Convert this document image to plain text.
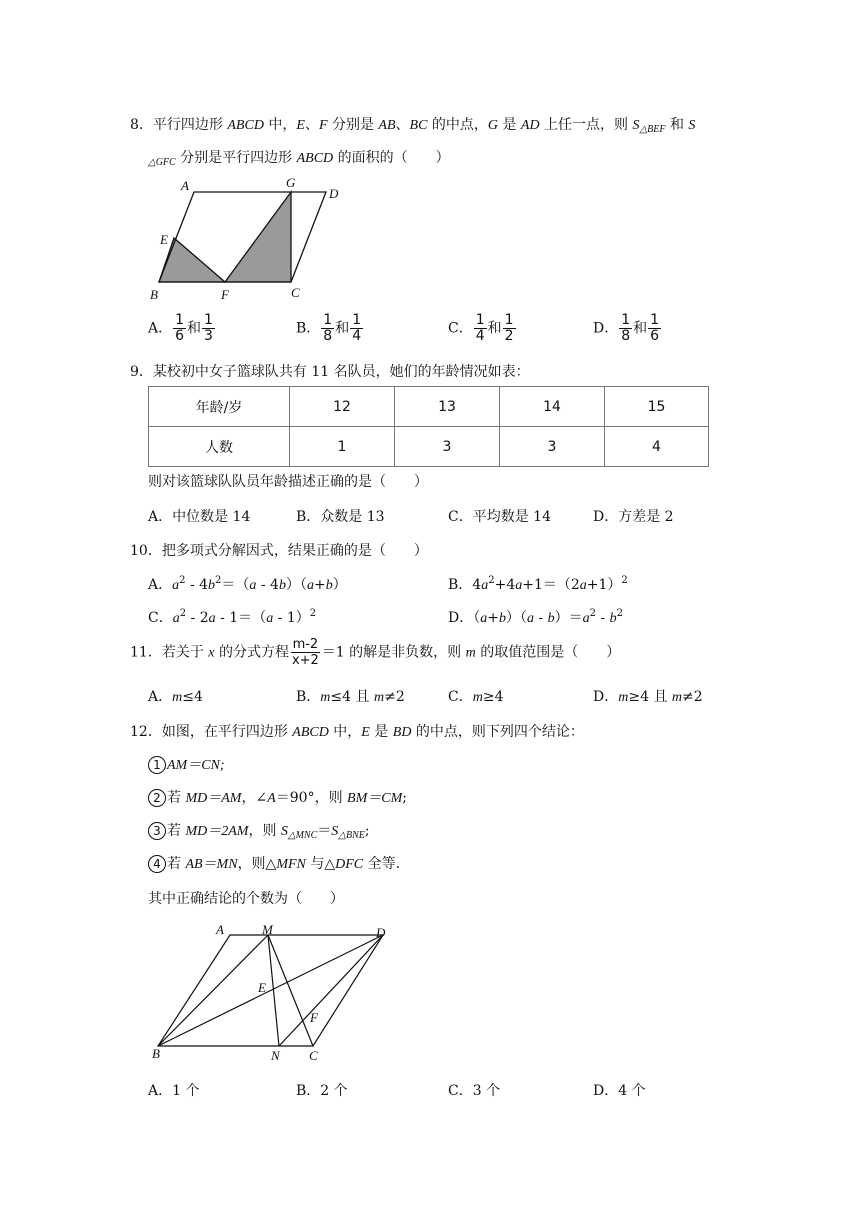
8．平行四边形 ABCD 中，E、F 分别是 AB、BC 的中点，G 是 AD 上任一点，则 $S_{\triangle BEF}$ 和 S
$_{\triangle GFC}$ 分别是平行四边形 ABCD 的面积的（　　）
A	G
D
E
B	F	C
A． $\frac{1}{6}$ 和 $\frac{1}{3}$	B． $\frac{1}{8}$ 和 $\frac{1}{4}$	C． $\frac{1}{4}$ 和 $\frac{1}{2}$	D． $\frac{1}{8}$ 和 $\frac{1}{6}$
9．某校初中女子篮球队共有 11 名队员，她们的年龄情况如表：
年龄/岁	12	13	14	15
人数	1	3	3	4
则对该篮球队队员年龄描述正确的是（　　）
A．中位数是 14	B．众数是 13	C．平均数是 14	D．方差是 2
10．把多项式分解因式，结果正确的是（　　）
A．$a^2$ ‑ $4b^2=(a$ ‑ 4b）（a+b）	B．$4a^2+4a+1=(2a+1)^2$
C．$a^2$ ‑ 2a ‑ 1＝（a ‑ 1）$^2$	D．（a+b）（a ‑ $b)=a^2$ ‑ $b^2$
11．若关于 x 的分式方程 $\frac{m-2}{x+2} =1$ 的解是非负数，则 m 的取值范围是（　　）
A．m≤4	B．m≤4 且 m≠2	C．m≥4	D．m≥4 且 m≠2
12．如图，在平行四边形 ABCD 中，E 是 BD 的中点，则下列四个结论：
1 AM＝CN;
2 若 MD＝AM，∠A＝90°，则 BM＝CM;
3 若 MD＝2AM，则 $S_{\triangle MNC}=S_{\triangle BNE}$;
4 若 AB＝MN，则△MFN 与△DFC 全等.
其中正确结论的个数为（　　）
A	M	D
E
F
B	N C
A．1 个	B．2 个	C．3 个	D．4 个
